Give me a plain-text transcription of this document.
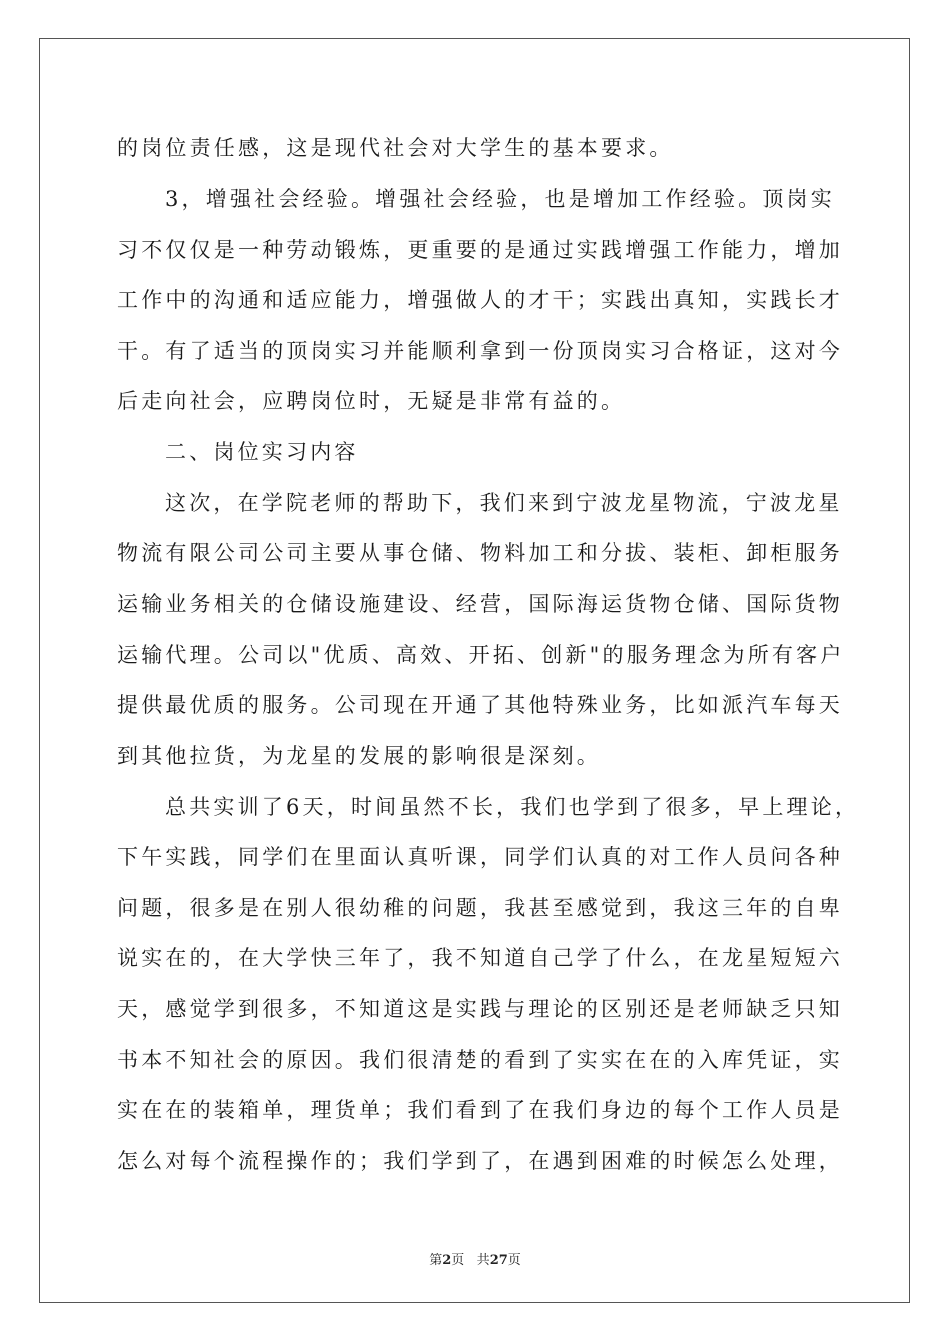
的岗位责任感，这是现代社会对大学生的基本要求。
3，增强社会经验。增强社会经验，也是增加工作经验。顶岗实
习不仅仅是一种劳动锻炼，更重要的是通过实践增强工作能力，增加
工作中的沟通和适应能力，增强做人的才干；实践出真知，实践长才
干。有了适当的顶岗实习并能顺利拿到一份顶岗实习合格证，这对今
后走向社会，应聘岗位时，无疑是非常有益的。
二、岗位实习内容
这次，在学院老师的帮助下，我们来到宁波龙星物流，宁波龙星
物流有限公司公司主要从事仓储、物料加工和分拔、装柜、卸柜服务
运输业务相关的仓储设施建设、经营，国际海运货物仓储、国际货物
运输代理。公司以"优质、高效、开拓、创新"的服务理念为所有客户
提供最优质的服务。公司现在开通了其他特殊业务，比如派汽车每天
到其他拉货，为龙星的发展的影响很是深刻。
总共实训了6天，时间虽然不长，我们也学到了很多，早上理论，
下午实践，同学们在里面认真听课，同学们认真的对工作人员问各种
问题，很多是在别人很幼稚的问题，我甚至感觉到，我这三年的自卑
说实在的，在大学快三年了，我不知道自己学了什么，在龙星短短六
天，感觉学到很多，不知道这是实践与理论的区别还是老师缺乏只知
书本不知社会的原因。我们很清楚的看到了实实在在的入库凭证，实
实在在的装箱单，理货单；我们看到了在我们身边的每个工作人员是
怎么对每个流程操作的；我们学到了，在遇到困难的时候怎么处理，
第2页 共27页
